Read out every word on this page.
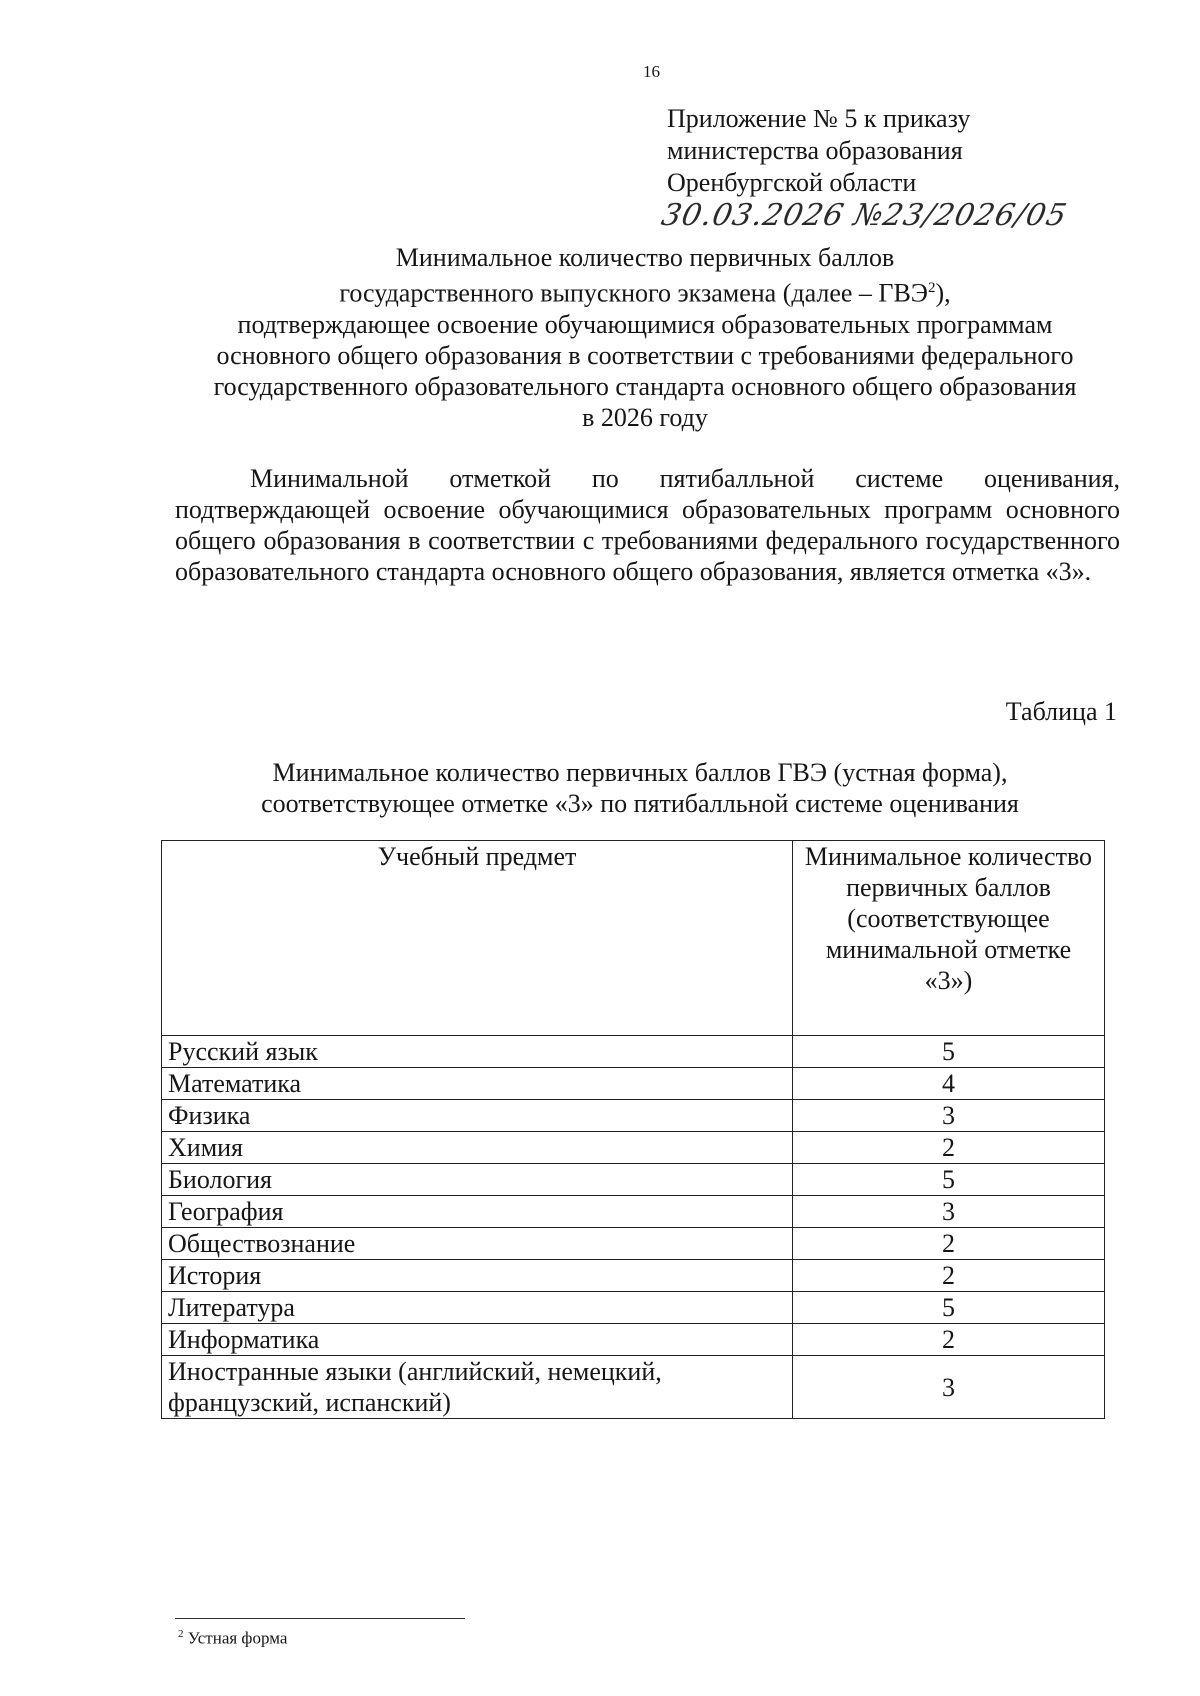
16
Приложение № 5 к приказу
министерства образования
Оренбургской области
30.03.2026 №23/2026/05
Минимальное количество первичных баллов
государственного выпускного экзамена (далее – ГВЭ$^2$),
подтверждающее освоение обучающимися образовательных программам
основного общего образования в соответствии с требованиями федерального
государственного образовательного стандарта основного общего образования
в 2026 году

Минимальной отметкой по пятибалльной системе оценивания, подтверждающей освоение обучающимися образовательных программ основного общего образования в соответствии с требованиями федерального государственного образовательного стандарта основного общего образования, является отметка «3».

Таблица 1
Минимальное количество первичных баллов ГВЭ (устная форма),
соответствующее отметке «3» по пятибалльной системе оценивания
Учебный предмет	Минимальное количество первичных баллов (соответствующее минимальной отметке «3»)
Русский язык	5
Математика	4
Физика	3
Химия	2
Биология	5
География	3
Обществознание	2
История	2
Литература	5
Информатика	2
Иностранные языки (английский, немецкий, французский, испанский)	3
$^2$ Устная форма
